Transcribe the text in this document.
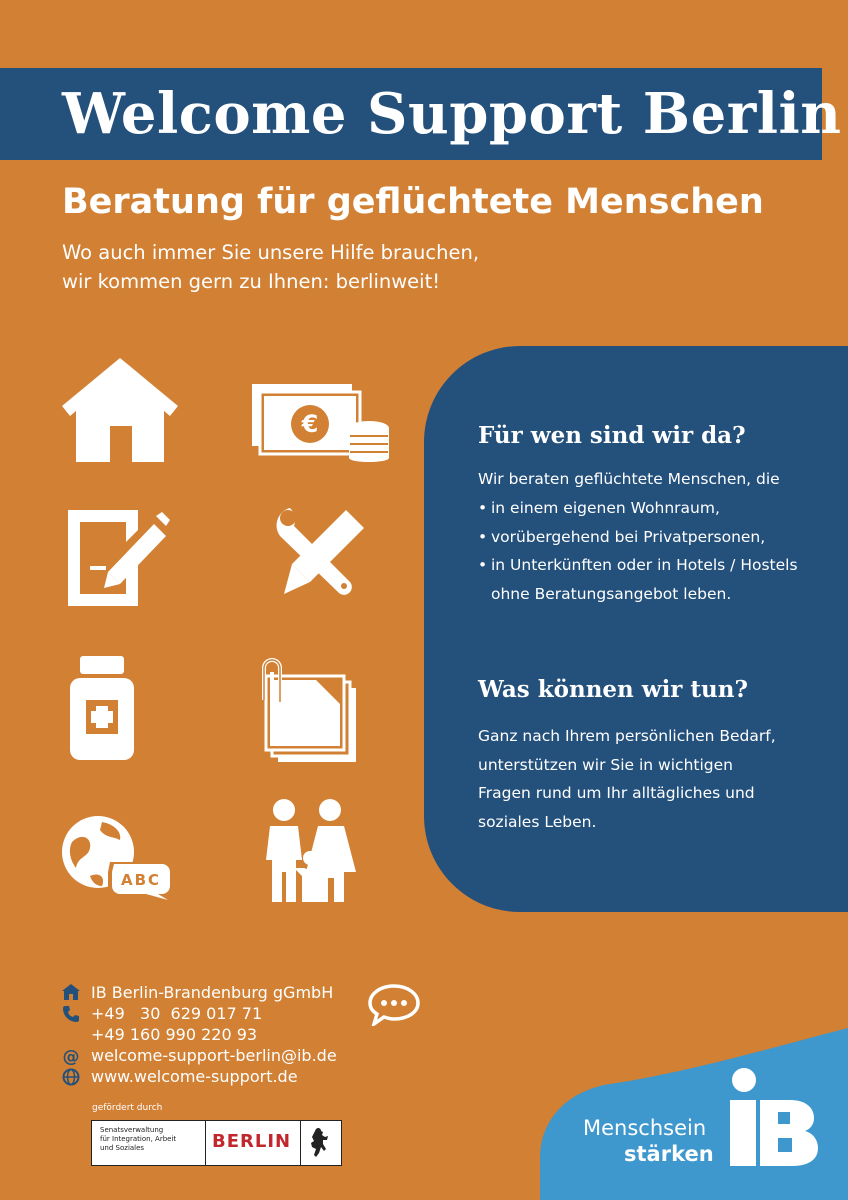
Welcome Support Berlin
Beratung für geflüchtete Menschen
Wo auch immer Sie unsere Hilfe brauchen,
wir kommen gern zu Ihnen: berlinweit!
€
ABC
Für wen sind wir da?
Wir beraten geflüchtete Menschen, die
• in einem eigenen Wohnraum,
• vorübergehend bei Privatpersonen,
• in Unterkünften oder in Hotels / Hostels
ohne Beratungsangebot leben.
Was können wir tun?
Ganz nach Ihrem persönlichen Bedarf,
unterstützen wir Sie in wichtigen
Fragen rund um Ihr alltägliches und
soziales Leben.
IB Berlin-Brandenburg gGmbH
+49   30  629 017 71
+49 160 990 220 93
@ welcome-support-berlin@ib.de
www.welcome-support.de
gefördert durch
Senatsverwaltung
für Integration, Arbeit
und Soziales	BERLIN
Menschsein
stärken
